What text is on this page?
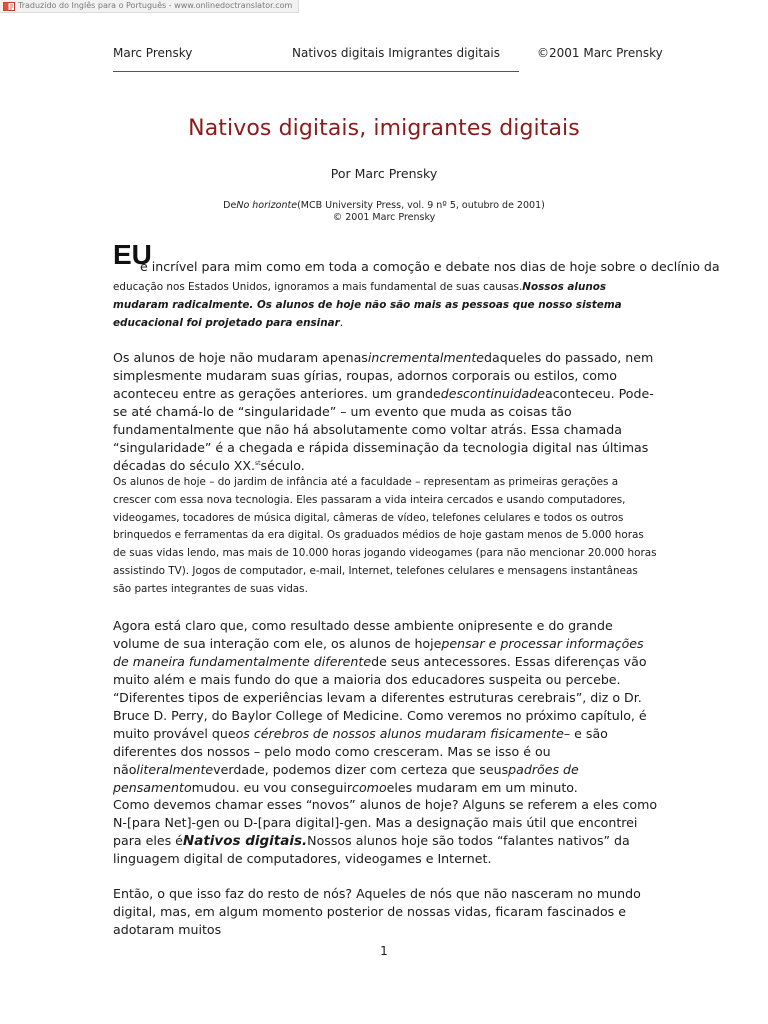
Traduzido do Inglês para o Português - www.onlinedoctranslator.com
Marc Prensky	Nativos digitais Imigrantes digitais	©2001 Marc Prensky
Nativos digitais, imigrantes digitais
Por Marc Prensky
DeNo horizonte(MCB University Press, vol. 9 nº 5, outubro de 2001)
© 2001 Marc Prensky
EU
é incrível para mim como em toda a comoção e debate nos dias de hoje sobre o declínio da

educação nos Estados Unidos, ignoramos a mais fundamental de suas causas.Nossos alunos mudaram radicalmente. Os alunos de hoje não são mais as pessoas que nosso sistema educacional foi projetado para ensinar.

Os alunos de hoje não mudaram apenasincrementalmentedaqueles do passado, nem simplesmente mudaram suas gírias, roupas, adornos corporais ou estilos, como aconteceu entre as gerações anteriores. um grandedescontinuidadeaconteceu. Pode-se até chamá-lo de “singularidade” – um evento que muda as coisas tão fundamentalmente que não há absolutamente como voltar atrás. Essa chamada “singularidade” é a chegada e rápida disseminação da tecnologia digital nas últimas décadas do século XX.$^{st}$século.

Os alunos de hoje – do jardim de infância até a faculdade – representam as primeiras gerações a crescer com essa nova tecnologia. Eles passaram a vida inteira cercados e usando computadores, videogames, tocadores de música digital, câmeras de vídeo, telefones celulares e todos os outros brinquedos e ferramentas da era digital. Os graduados médios de hoje gastam menos de 5.000 horas de suas vidas lendo, mas mais de 10.000 horas jogando videogames (para não mencionar 20.000 horas assistindo TV). Jogos de computador, e-mail, Internet, telefones celulares e mensagens instantâneas são partes integrantes de suas vidas.

Agora está claro que, como resultado desse ambiente onipresente e do grande volume de sua interação com ele, os alunos de hojepensar e processar informações de maneira fundamentalmente diferentede seus antecessores. Essas diferenças vão muito além e mais fundo do que a maioria dos educadores suspeita ou percebe. “Diferentes tipos de experiências levam a diferentes estruturas cerebrais”, diz o Dr. Bruce D. Perry, do Baylor College of Medicine. Como veremos no próximo capítulo, é muito provável queos cérebros de nossos alunos mudaram fisicamente– e são diferentes dos nossos – pelo modo como cresceram. Mas se isso é ou nãoliteralmenteverdade, podemos dizer com certeza que seuspadrões de pensamentomudou. eu vou conseguircomoeles mudaram em um minuto.

Como devemos chamar esses “novos” alunos de hoje? Alguns se referem a eles como N-[para Net]-gen ou D-[para digital]-gen. Mas a designação mais útil que encontrei para eles éNativos digitais.Nossos alunos hoje são todos “falantes nativos” da linguagem digital de computadores, videogames e Internet.

Então, o que isso faz do resto de nós? Aqueles de nós que não nasceram no mundo digital, mas, em algum momento posterior de nossas vidas, ficaram fascinados e adotaram muitos

1
